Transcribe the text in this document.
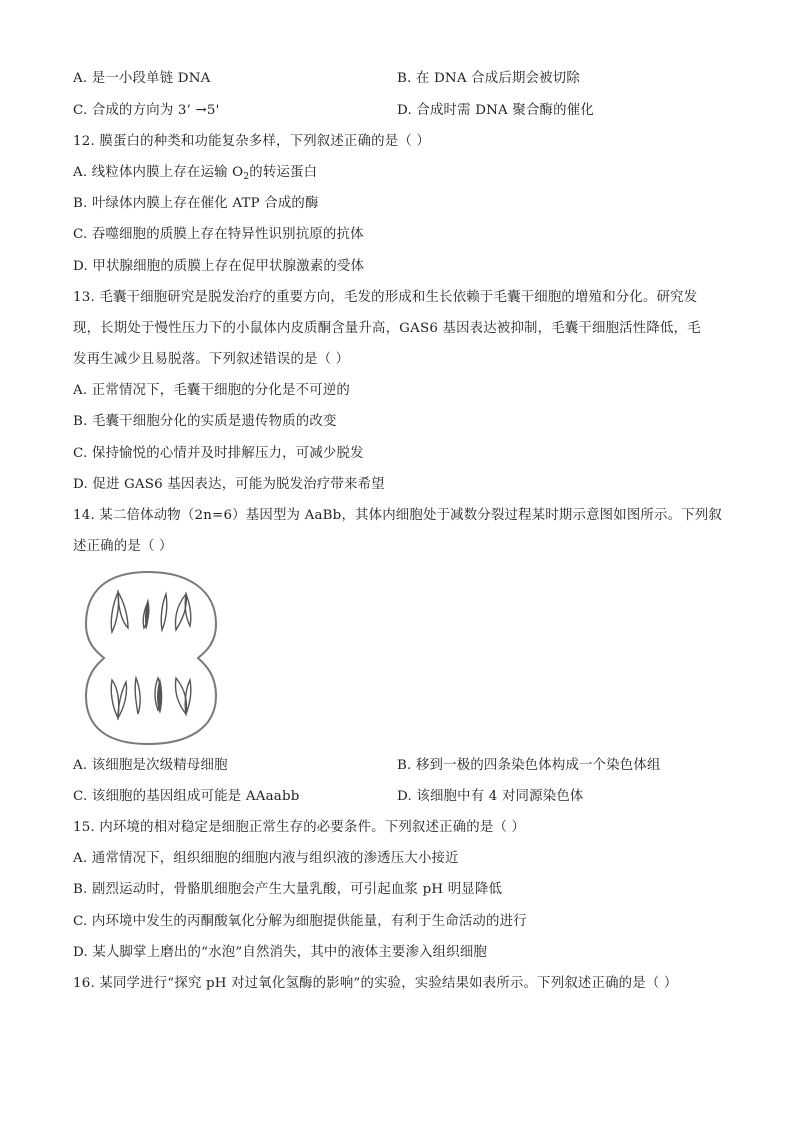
A. 是一小段单链 DNA	B. 在 DNA 合成后期会被切除
C. 合成的方向为 3’ →5'	D. 合成时需 DNA 聚合酶的催化
12. 膜蛋白的种类和功能复杂多样，下列叙述正确的是（ ）
A. 线粒体内膜上存在运输 $O_2$的转运蛋白
B. 叶绿体内膜上存在催化 ATP 合成的酶
C. 吞噬细胞的质膜上存在特异性识别抗原的抗体
D. 甲状腺细胞的质膜上存在促甲状腺激素的受体
13. 毛囊干细胞研究是脱发治疗的重要方向，毛发的形成和生长依赖于毛囊干细胞的增殖和分化。研究发
现，长期处于慢性压力下的小鼠体内皮质酮含量升高，GAS6 基因表达被抑制，毛囊干细胞活性降低，毛
发再生减少且易脱落。下列叙述错误的是（ ）
A. 正常情况下，毛囊干细胞的分化是不可逆的
B. 毛囊干细胞分化的实质是遗传物质的改变
C. 保持愉悦的心情并及时排解压力，可减少脱发
D. 促进 GAS6 基因表达，可能为脱发治疗带来希望
14. 某二倍体动物（2n=6）基因型为 AaBb，其体内细胞处于减数分裂过程某时期示意图如图所示。下列叙
述正确的是（ ）
A. 该细胞是次级精母细胞	B. 移到一极的四条染色体构成一个染色体组
C. 该细胞的基因组成可能是 AAaabb	D. 该细胞中有 4 对同源染色体
15. 内环境的相对稳定是细胞正常生存的必要条件。下列叙述正确的是（ ）
A. 通常情况下，组织细胞的细胞内液与组织液的渗透压大小接近
B. 剧烈运动时，骨骼肌细胞会产生大量乳酸，可引起血浆 pH 明显降低
C. 内环境中发生的丙酮酸氧化分解为细胞提供能量，有利于生命活动的进行
D. 某人脚掌上磨出的“水泡”自然消失，其中的液体主要渗入组织细胞
16. 某同学进行“探究 pH 对过氧化氢酶的影响”的实验，实验结果如表所示。下列叙述正确的是（ ）
